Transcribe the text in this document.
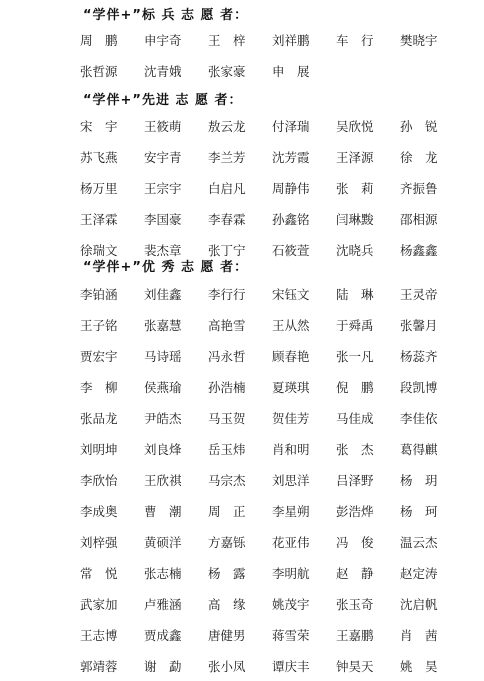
“学伴+”标 兵 志 愿 者：
周　鹏	申宇奇	王　梓	刘祥鹏	车　行	樊晓宇
张哲源	沈青娥	张家豪	申　展
“学伴+”先进 志 愿 者：
宋　宇	王筱萌	敖云龙	付泽瑞	吴欣悦	孙　锐
苏飞燕	安宇青	李兰芳	沈芳霞	王泽源	徐　龙
杨万里	王宗宇	白启凡	周静伟	张　莉	齐振鲁
王泽霖	李国豪	李春霖	孙鑫铭	闫琳黢	邵相源
徐瑞文	裴杰章	张丁宁	石筱萱	沈晓兵	杨鑫鑫
“学伴+”优 秀 志 愿 者：
李铂涵	刘佳鑫	李行行	宋钰文	陆　琳	王灵帝
王子铭	张嘉慧	高艳雪	王从然	于舜禹	张馨月
贾宏宇	马诗瑶	冯永哲	顾春艳	张一凡	杨蕊齐
李　柳	侯燕瑜	孙浩楠	夏瑛琪	倪　鹏	段凯博
张品龙	尹皓杰	马玉贺	贺佳芳	马佳成	李佳依
刘明坤	刘良烽	岳玉炜	肖和明	张　杰	葛得麒
李欣怡	王欣祺	马宗杰	刘思洋	吕泽野	杨　玥
李成奥	曹　潮	周　正	李星朔	彭浩烨	杨　珂
刘梓强	黄硕洋	方嘉铄	花亚伟	冯　俊	温云杰
常　悦	张志楠	杨　露	李明航	赵　静	赵定涛
武家加	卢雅涵	高　缘	姚茂宇	张玉奇	沈启帆
王志博	贾成鑫	唐健男	蒋雪荣	王嘉鹏	肖　茜
郭靖蓉	谢　勐	张小凤	谭庆丰	钟昊天	姚　昊
